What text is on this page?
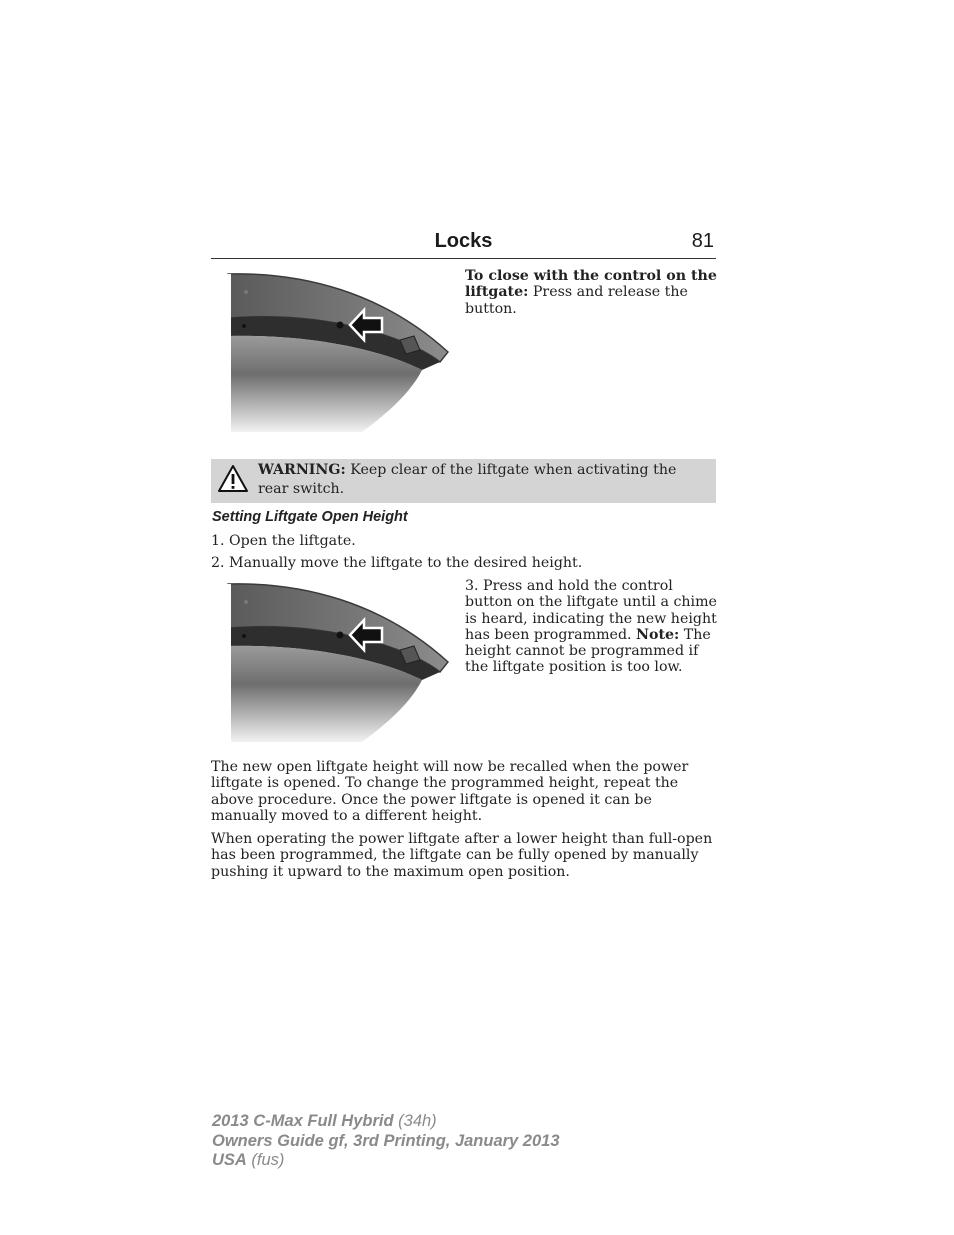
Locks	81
To close with the control on the liftgate: Press and release the button.
WARNING: Keep clear of the liftgate when activating the rear switch.
Setting Liftgate Open Height
1. Open the liftgate.
2. Manually move the liftgate to the desired height.
3. Press and hold the control button on the liftgate until a chime is heard, indicating the new height has been programmed. Note: The height cannot be programmed if the liftgate position is too low.
The new open liftgate height will now be recalled when the power liftgate is opened. To change the programmed height, repeat the above procedure. Once the power liftgate is opened it can be manually moved to a different height.
When operating the power liftgate after a lower height than full-open has been programmed, the liftgate can be fully opened by manually pushing it upward to the maximum open position.
2013 C-Max Full Hybrid (34h)
Owners Guide gf, 3rd Printing, January 2013
USA (fus)
